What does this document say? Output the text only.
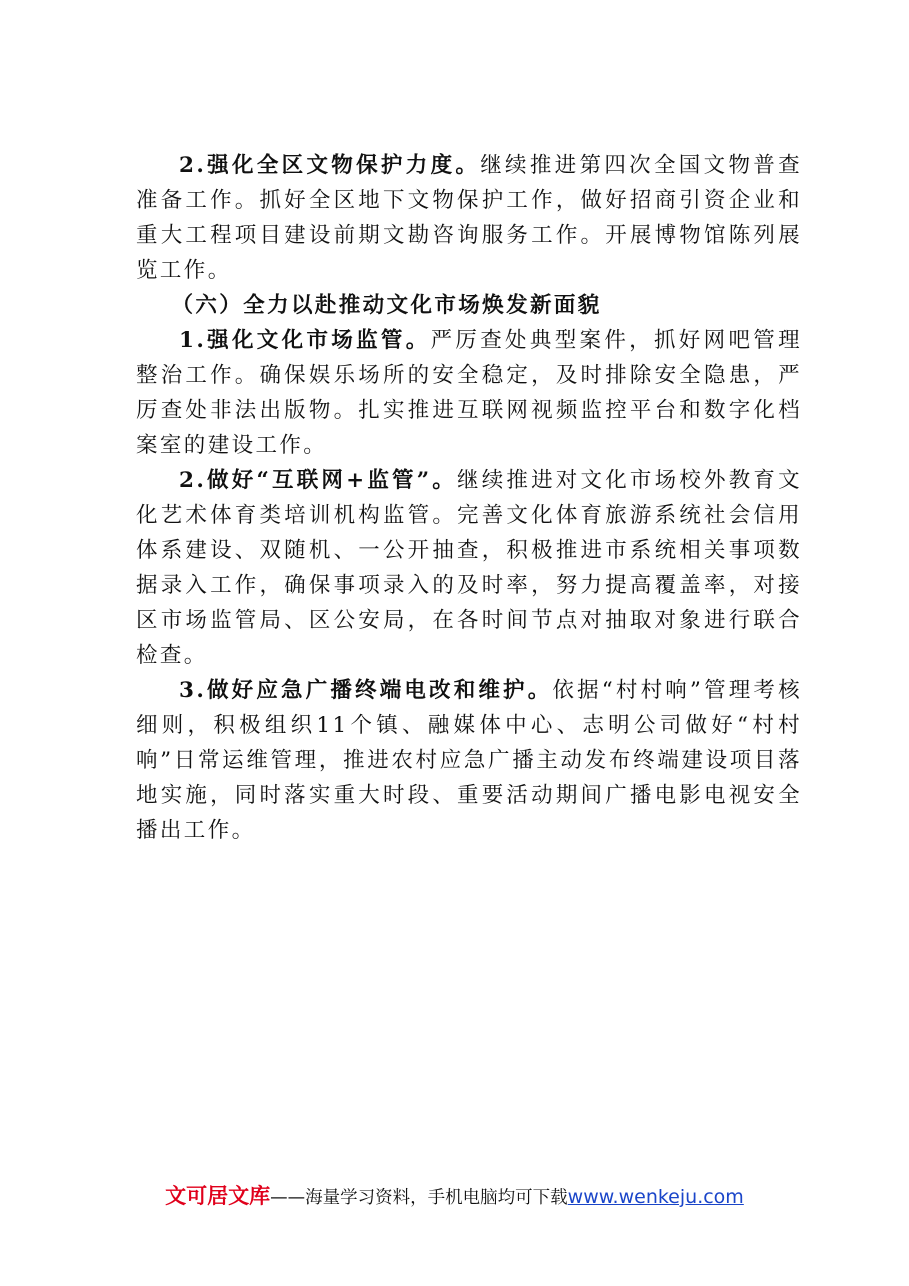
2.强化全区文物保护力度。继续推进第四次全国文物普查准备工作。抓好全区地下文物保护工作，做好招商引资企业和重大工程项目建设前期文勘咨询服务工作。开展博物馆陈列展览工作。

（六）全力以赴推动文化市场焕发新面貌

1.强化文化市场监管。严厉查处典型案件，抓好网吧管理整治工作。确保娱乐场所的安全稳定，及时排除安全隐患，严厉查处非法出版物。扎实推进互联网视频监控平台和数字化档案室的建设工作。

2.做好“互联网+监管”。继续推进对文化市场校外教育文化艺术体育类培训机构监管。完善文化体育旅游系统社会信用体系建设、双随机、一公开抽查，积极推进市系统相关事项数据录入工作，确保事项录入的及时率，努力提高覆盖率，对接区市场监管局、区公安局，在各时间节点对抽取对象进行联合检查。

3.做好应急广播终端电改和维护。依据“村村响”管理考核细则，积极组织11个镇、融媒体中心、志明公司做好“村村响”日常运维管理，推进农村应急广播主动发布终端建设项目落地实施，同时落实重大时段、重要活动期间广播电影电视安全播出工作。

文可居文库——海量学习资料，手机电脑均可下载www.wenkeju.com
